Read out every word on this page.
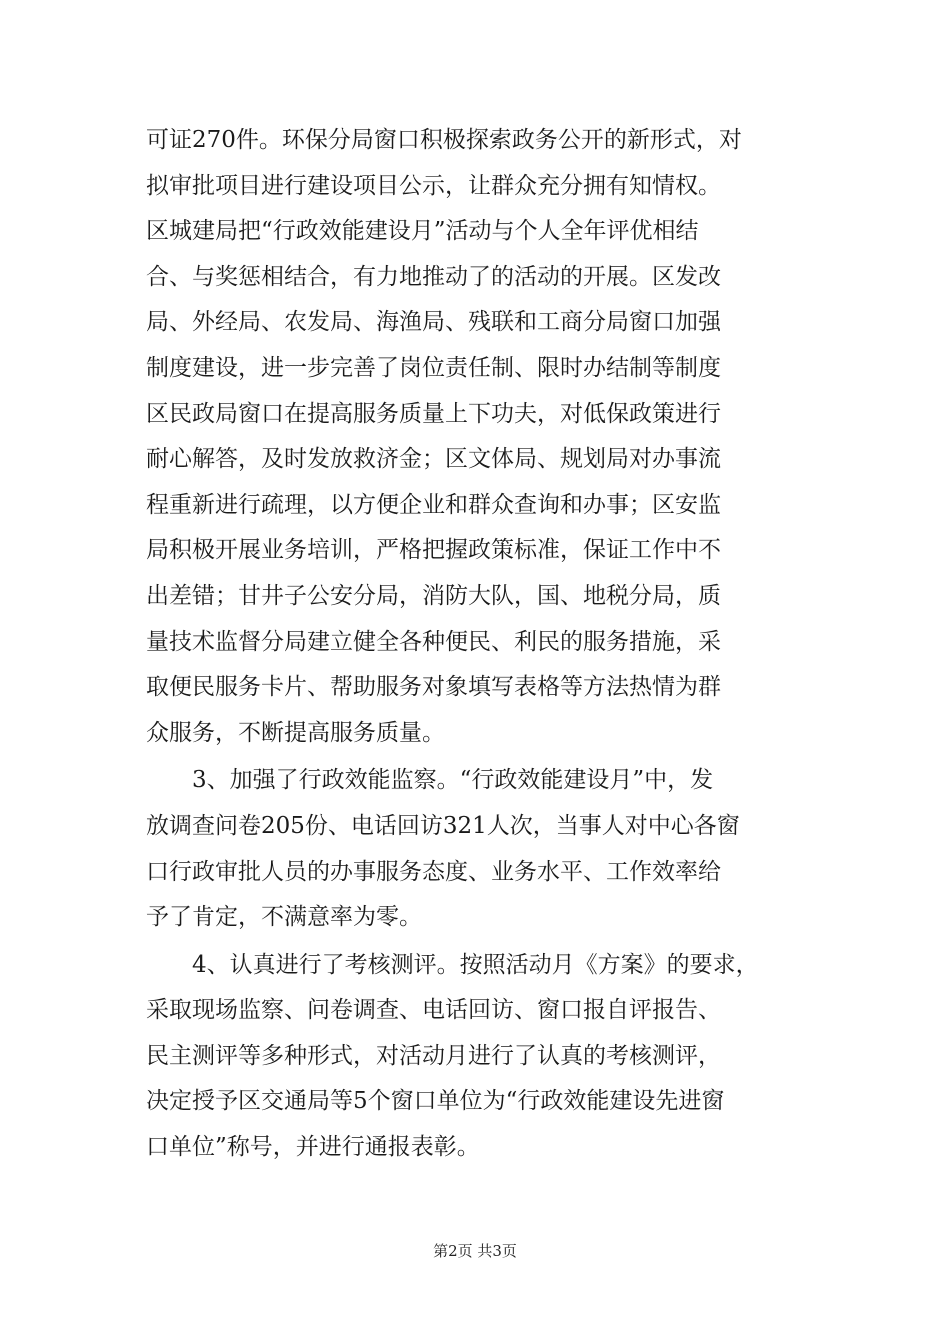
可证270件。环保分局窗口积极探索政务公开的新形式，对
拟审批项目进行建设项目公示，让群众充分拥有知情权。
区城建局把“行政效能建设月”活动与个人全年评优相结
合、与奖惩相结合，有力地推动了的活动的开展。区发改
局、外经局、农发局、海渔局、残联和工商分局窗口加强
制度建设，进一步完善了岗位责任制、限时办结制等制度
区民政局窗口在提高服务质量上下功夫，对低保政策进行
耐心解答，及时发放救济金；区文体局、规划局对办事流
程重新进行疏理，以方便企业和群众查询和办事；区安监
局积极开展业务培训，严格把握政策标准，保证工作中不
出差错；甘井子公安分局，消防大队，国、地税分局，质
量技术监督分局建立健全各种便民、利民的服务措施，采
取便民服务卡片、帮助服务对象填写表格等方法热情为群
众服务，不断提高服务质量。
3、加强了行政效能监察。“行政效能建设月”中，发
放调查问卷205份、电话回访321人次，当事人对中心各窗
口行政审批人员的办事服务态度、业务水平、工作效率给
予了肯定，不满意率为零。
4、认真进行了考核测评。按照活动月《方案》的要求，
采取现场监察、问卷调查、电话回访、窗口报自评报告、
民主测评等多种形式，对活动月进行了认真的考核测评，
决定授予区交通局等5个窗口单位为“行政效能建设先进窗
口单位”称号，并进行通报表彰。
第2页 共3页
